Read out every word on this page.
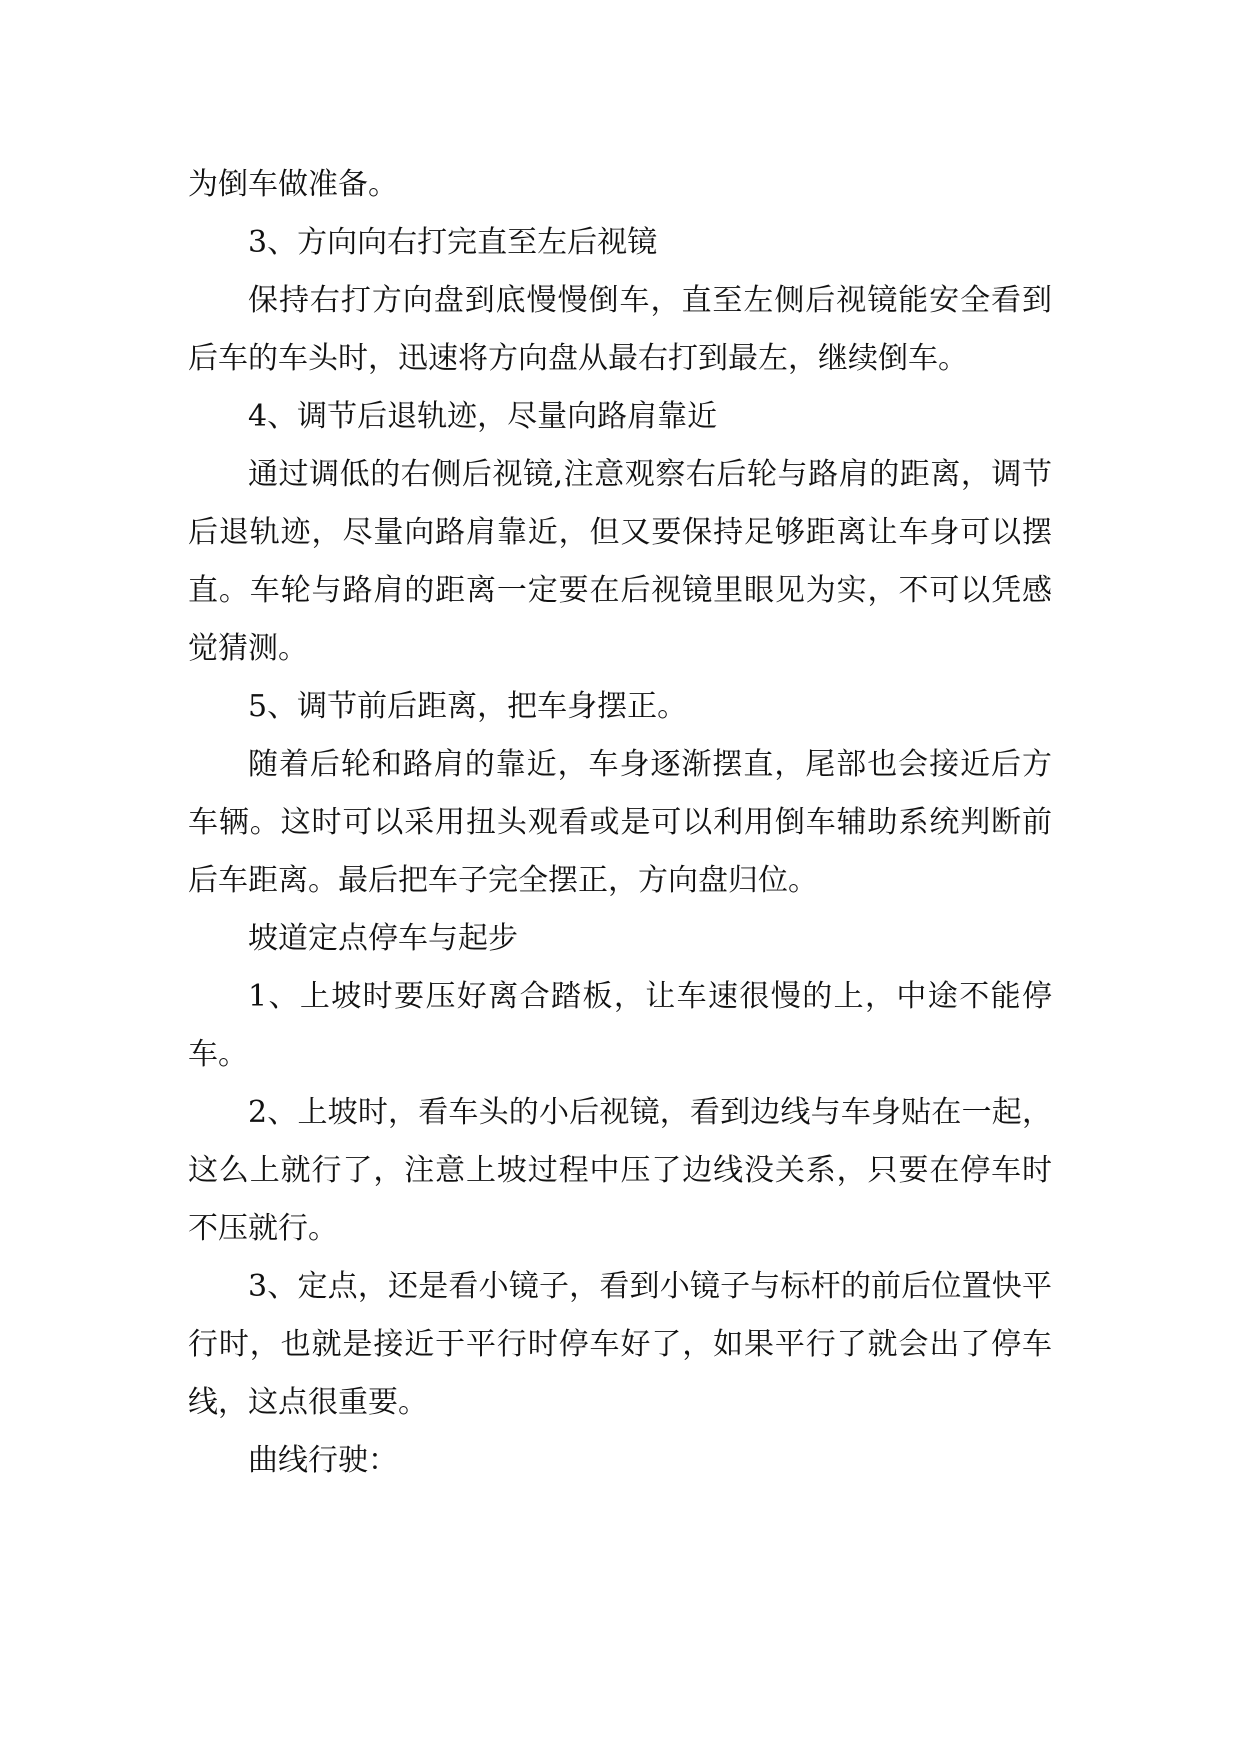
为倒车做准备。

3、方向向右打完直至左后视镜

保持右打方向盘到底慢慢倒车，直至左侧后视镜能安全看到后车的车头时，迅速将方向盘从最右打到最左，继续倒车。

4、调节后退轨迹，尽量向路肩靠近

通过调低的右侧后视镜,注意观察右后轮与路肩的距离，调节后退轨迹，尽量向路肩靠近，但又要保持足够距离让车身可以摆直。车轮与路肩的距离一定要在后视镜里眼见为实，不可以凭感觉猜测。

5、调节前后距离，把车身摆正。

随着后轮和路肩的靠近，车身逐渐摆直，尾部也会接近后方车辆。这时可以采用扭头观看或是可以利用倒车辅助系统判断前后车距离。最后把车子完全摆正，方向盘归位。

坡道定点停车与起步

1、上坡时要压好离合踏板，让车速很慢的上，中途不能停车。

2、上坡时，看车头的小后视镜，看到边线与车身贴在一起，这么上就行了，注意上坡过程中压了边线没关系，只要在停车时不压就行。

3、定点，还是看小镜子，看到小镜子与标杆的前后位置快平行时，也就是接近于平行时停车好了，如果平行了就会出了停车线，这点很重要。

曲线行驶：
